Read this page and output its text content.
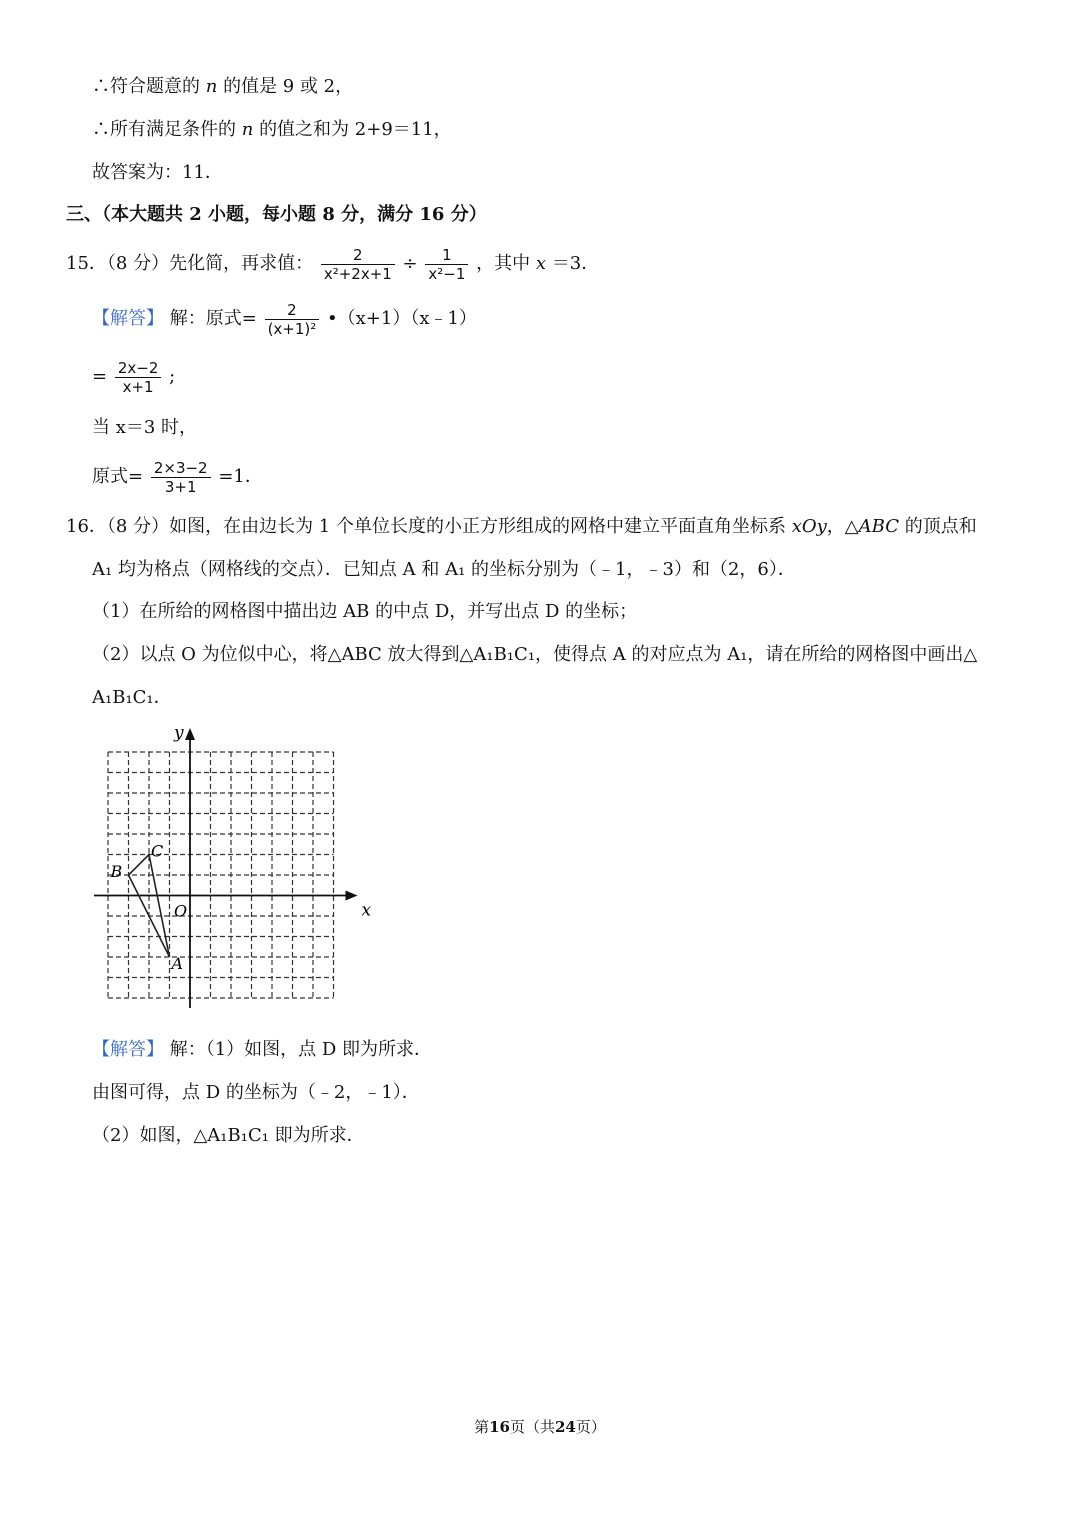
∴符合题意的 n 的值是 9 或 2，
∴所有满足条件的 n 的值之和为 2+9＝11，
故答案为：11．
三、（本大题共 2 小题，每小题 8 分，满分 16 分）
15．（8 分）先化简，再求值： $\frac{2}{\text{x²+2x+1}} \div \frac{1}{\text{x²−1}}$ ，其中 x ＝3．
【解答】 解：原式= $\frac{2}{\text{(x+1)²}}$ •（x+1）（x﹣1）
= $\frac{2x-2}{x+1}$ ;
当 x＝3 时，
原式= $\frac{2\times 3-2}{3+1} =1$．
16．（8 分）如图，在由边长为 1 个单位长度的小正方形组成的网格中建立平面直角坐标系 xOy，△ABC 的顶点和
A₁ 均为格点（网格线的交点）．已知点 A 和 A₁ 的坐标分别为（﹣1，﹣3）和（2，6）．
（1）在所给的网格图中描出边 AB 的中点 D，并写出点 D 的坐标；
（2）以点 O 为位似中心，将△ABC 放大得到△A₁B₁C₁，使得点 A 的对应点为 A₁，请在所给的网格图中画出△
A₁B₁C₁．
y
x
O
A
B
C
【解答】 解：（1）如图，点 D 即为所求．
由图可得，点 D 的坐标为（﹣2，﹣1）．
（2）如图，△A₁B₁C₁ 即为所求．
第16页（共24页）
